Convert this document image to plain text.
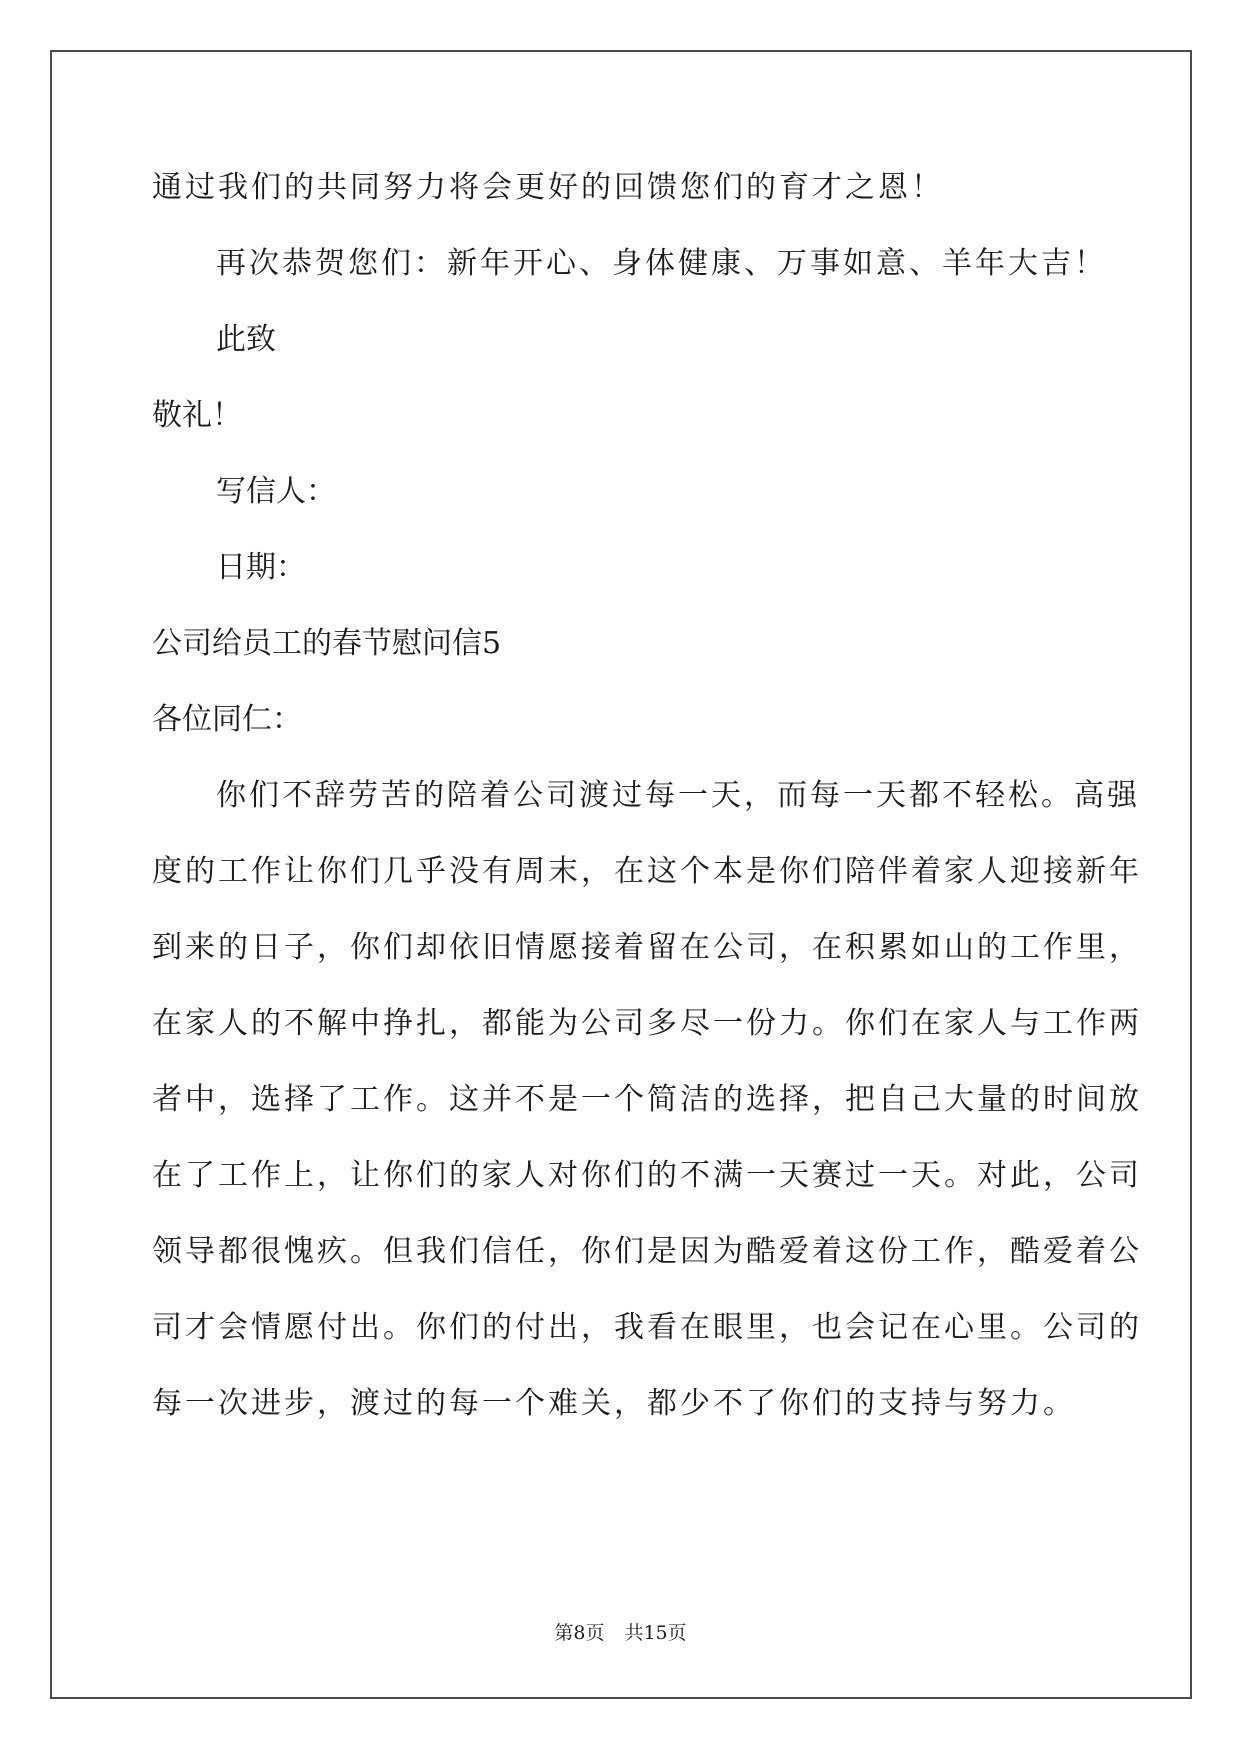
通过我们的共同努力将会更好的回馈您们的育才之恩！

再次恭贺您们：新年开心、身体健康、万事如意、羊年大吉！

此致

敬礼！

写信人：

日期：

公司给员工的春节慰问信5

各位同仁：

你们不辞劳苦的陪着公司渡过每一天，而每一天都不轻松。高强

度的工作让你们几乎没有周末，在这个本是你们陪伴着家人迎接新年

到来的日子，你们却依旧情愿接着留在公司，在积累如山的工作里，

在家人的不解中挣扎，都能为公司多尽一份力。你们在家人与工作两

者中，选择了工作。这并不是一个简洁的选择，把自己大量的时间放

在了工作上，让你们的家人对你们的不满一天赛过一天。对此，公司

领导都很愧疚。但我们信任，你们是因为酷爱着这份工作，酷爱着公

司才会情愿付出。你们的付出，我看在眼里，也会记在心里。公司的

每一次进步，渡过的每一个难关，都少不了你们的支持与努力。

第8页 共15页
